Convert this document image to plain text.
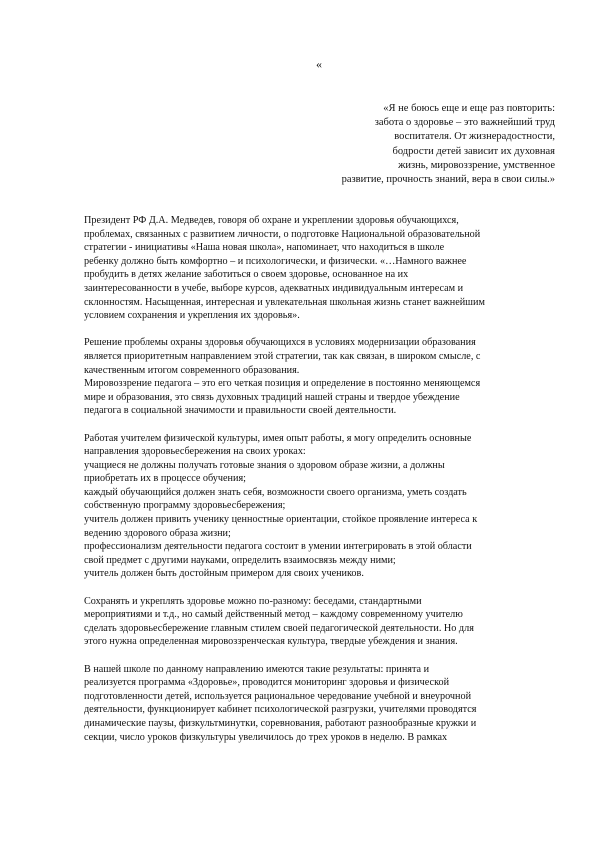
«
«Я не боюсь еще и еще раз повторить:
забота о здоровье – это важнейший труд
воспитателя. От жизнерадостности,
бодрости детей зависит их духовная
жизнь, мировоззрение, умственное
развитие, прочность знаний, вера в свои силы.»
Президент РФ Д.А. Медведев, говоря об охране и укреплении здоровья обучающихся,
проблемах, связанных с развитием личности, о подготовке Национальной образовательной
стратегии - инициативы «Наша новая школа», напоминает, что находиться в школе
ребенку должно быть комфортно – и психологически, и физически. «…Намного важнее
пробудить в детях желание заботиться о своем здоровье, основанное на их
заинтересованности в учебе, выборе курсов, адекватных индивидуальным интересам и
склонностям. Насыщенная, интересная и увлекательная школьная жизнь станет важнейшим
условием сохранения и укрепления их здоровья».
Решение проблемы охраны здоровья обучающихся в условиях модернизации образования
является приоритетным направлением этой стратегии, так как связан, в широком смысле, с
качественным итогом современного образования.
Мировоззрение педагога – это его четкая позиция и определение в постоянно меняющемся
мире и образования, это связь духовных традиций нашей страны и твердое убеждение
педагога в социальной значимости и правильности своей деятельности.
Работая учителем физической культуры, имея опыт работы, я могу определить основные
направления здоровьесбережения на своих уроках:
учащиеся не должны получать готовые знания о здоровом образе жизни, а должны
приобретать их в процессе обучения;
каждый обучающийся должен знать себя, возможности своего организма, уметь создать
собственную программу здоровьесбережения;
учитель должен привить ученику ценностные ориентации, стойкое проявление интереса к
ведению здорового образа жизни;
профессионализм деятельности педагога состоит в умении интегрировать в этой области
свой предмет с другими науками, определить взаимосвязь между ними;
учитель должен быть достойным примером для своих учеников.
Сохранять и укреплять здоровье можно по-разному: беседами, стандартными
мероприятиями и т.д., но самый действенный метод – каждому современному учителю
сделать здоровьесбережение главным стилем своей педагогической деятельности. Но для
этого нужна определенная мировоззренческая культура, твердые убеждения и знания.
В нашей школе по данному направлению имеются такие результаты: принята и
реализуется программа «Здоровье», проводится мониторинг здоровья и физической
подготовленности детей, используется рациональное чередование учебной и внеурочной
деятельности, функционирует кабинет психологической разгрузки, учителями проводятся
динамические паузы, физкультминутки, соревнования, работают разнообразные кружки и
секции, число уроков физкультуры увеличилось до трех уроков в неделю. В рамках
